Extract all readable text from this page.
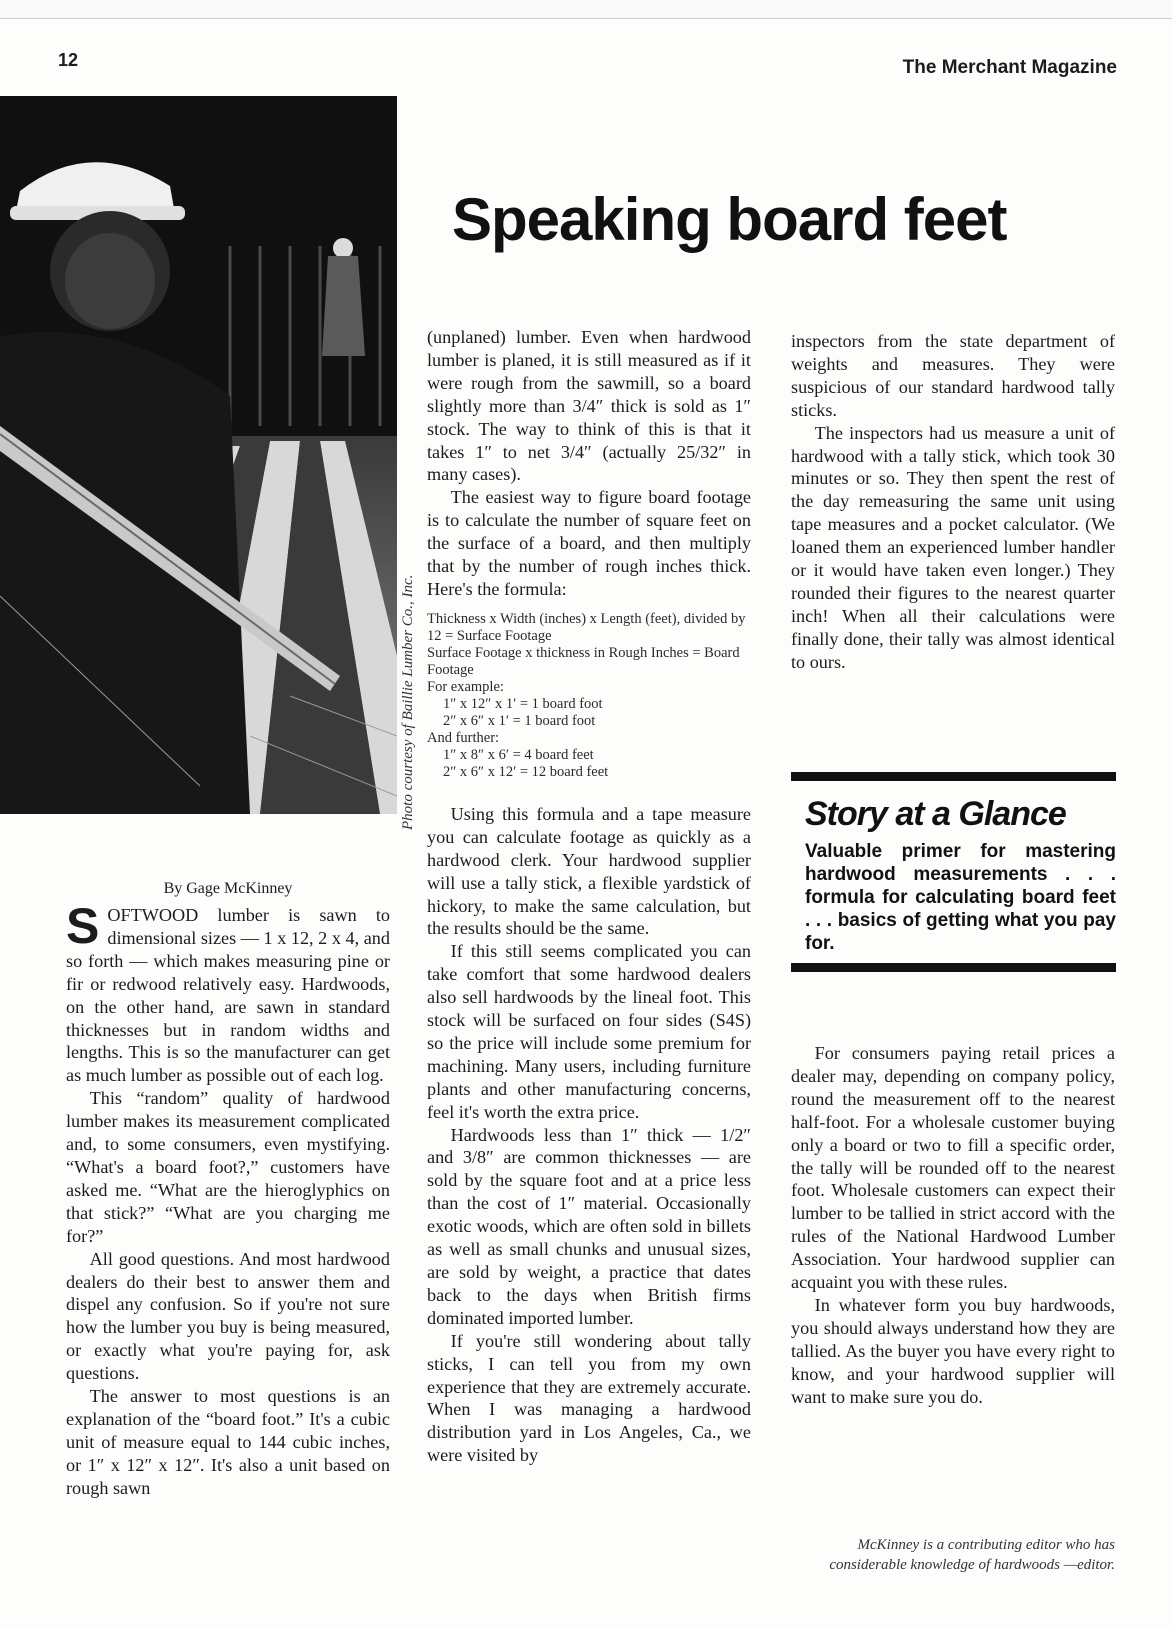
12	The Merchant Magazine
Photo courtesy of Baillie Lumber Co., Inc.
Speaking board feet
By Gage McKinney

SOFTWOOD lumber is sawn to dimensional sizes — 1 x 12, 2 x 4, and so forth — which makes measuring pine or fir or redwood relatively easy. Hardwoods, on the other hand, are sawn in standard thicknesses but in random widths and lengths. This is so the manufacturer can get as much lumber as possible out of each log.

This “random” quality of hardwood lumber makes its measurement complicated and, to some consumers, even mystifying. “What's a board foot?,” customers have asked me. “What are the hieroglyphics on that stick?” “What are you charging me for?”

All good questions. And most hardwood dealers do their best to answer them and dispel any confusion. So if you're not sure how the lumber you buy is being measured, or exactly what you're paying for, ask questions.

The answer to most questions is an explanation of the “board foot.” It's a cubic unit of measure equal to 144 cubic inches, or 1″ x 12″ x 12″. It's also a unit based on rough sawn

(unplaned) lumber. Even when hardwood lumber is planed, it is still measured as if it were rough from the sawmill, so a board slightly more than 3/4″ thick is sold as 1″ stock. The way to think of this is that it takes 1″ to net 3/4″ (actually 25/32″ in many cases).

The easiest way to figure board footage is to calculate the number of square feet on the surface of a board, and then multiply that by the number of rough inches thick. Here's the formula:

Thickness x Width (inches) x Length (feet), divided by 12 = Surface Footage
Surface Footage x thickness in Rough Inches = Board Footage
For example:
1″ x 12″ x 1′ = 1 board foot
2″ x 6″ x 1′ = 1 board foot
And further:
1″ x 8″ x 6′ = 4 board feet
2″ x 6″ x 12′ = 12 board feet

Using this formula and a tape measure you can calculate footage as quickly as a hardwood clerk. Your hardwood supplier will use a tally stick, a flexible yardstick of hickory, to make the same calculation, but the results should be the same.

If this still seems complicated you can take comfort that some hardwood dealers also sell hardwoods by the lineal foot. This stock will be surfaced on four sides (S4S) so the price will include some premium for machining. Many users, including furniture plants and other manufacturing concerns, feel it's worth the extra price.

Hardwoods less than 1″ thick — 1/2″ and 3/8″ are common thicknesses — are sold by the square foot and at a price less than the cost of 1″ material. Occasionally exotic woods, which are often sold in billets as well as small chunks and unusual sizes, are sold by weight, a practice that dates back to the days when British firms dominated imported lumber.

If you're still wondering about tally sticks, I can tell you from my own experience that they are extremely accurate. When I was managing a hardwood distribution yard in Los Angeles, Ca., we were visited by

inspectors from the state department of weights and measures. They were suspicious of our standard hardwood tally sticks.

The inspectors had us measure a unit of hardwood with a tally stick, which took 30 minutes or so. They then spent the rest of the day remeasuring the same unit using tape measures and a pocket calculator. (We loaned them an experienced lumber handler or it would have taken even longer.) They rounded their figures to the nearest quarter inch! When all their calculations were finally done, their tally was almost identical to ours.

Story at a Glance
Valuable primer for mastering hardwood measurements . . . formula for calculating board feet . . . basics of getting what you pay for.

For consumers paying retail prices a dealer may, depending on company policy, round the measurement off to the nearest half-foot. For a wholesale customer buying only a board or two to fill a specific order, the tally will be rounded off to the nearest foot. Wholesale customers can expect their lumber to be tallied in strict accord with the rules of the National Hardwood Lumber Association. Your hardwood supplier can acquaint you with these rules.

In whatever form you buy hardwoods, you should always understand how they are tallied. As the buyer you have every right to know, and your hardwood supplier will want to make sure you do.

McKinney is a contributing editor who has considerable knowledge of hardwoods —editor.
